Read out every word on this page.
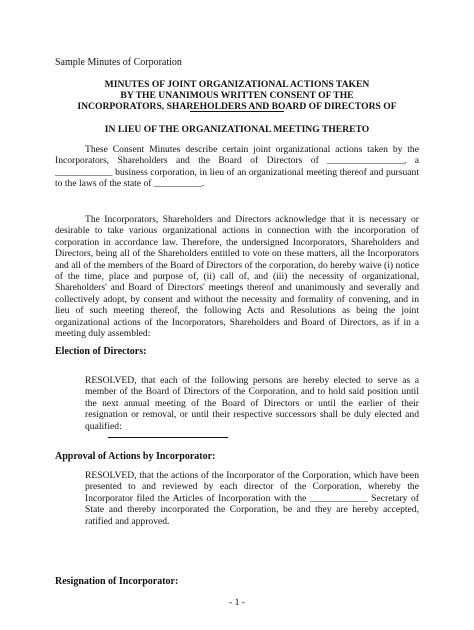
Sample Minutes of Corporation

MINUTES OF JOINT ORGANIZATIONAL ACTIONS TAKEN

BY THE UNANIMOUS WRITTEN CONSENT OF THE

INCORPORATORS, SHAREHOLDERS AND BOARD OF DIRECTORS OF

IN LIEU OF THE ORGANIZATIONAL MEETING THERETO

These Consent Minutes describe certain joint organizational actions taken by the Incorporators, Shareholders and the Board of Directors of ________________, a ____________ business corporation, in lieu of an organizational meeting thereof and pursuant to the laws of the state of __________.

The Incorporators, Shareholders and Directors acknowledge that it is necessary or desirable to take various organizational actions in connection with the incorporation of corporation in accordance law. Therefore, the undersigned Incorporators, Shareholders and Directors, being all of the Shareholders entitled to vote on these matters, all the Incorporators and all of the members of the Board of Directors of the corporation, do hereby waive (i) notice of the time, place and purpose of, (ii) call of, and (iii) the necessity of organizational, Shareholders' and Board of Directors' meetings thereof and unanimously and severally and collectively adopt, by consent and without the necessity and formality of convening, and in lieu of such meeting thereof, the following Acts and Resolutions as being the joint organizational actions of the Incorporators, Shareholders and Board of Directors, as if in a meeting duly assembled:

Election of Directors:

RESOLVED, that each of the following persons are hereby elected to serve as a member of the Board of Directors of the Corporation, and to hold said position until the next annual meeting of the Board of Directors or until the earlier of their resignation or removal, or until their respective successors shall be duly elected and qualified:

Approval of Actions by Incorporator:

RESOLVED, that the actions of the Incorporator of the Corporation, which have been presented to and reviewed by each director of the Corporation, whereby the Incorporator filed the Articles of Incorporation with the ____________ Secretary of State and thereby incorporated the Corporation, be and they are hereby accepted, ratified and approved.

Resignation of Incorporator:

- 1 -
